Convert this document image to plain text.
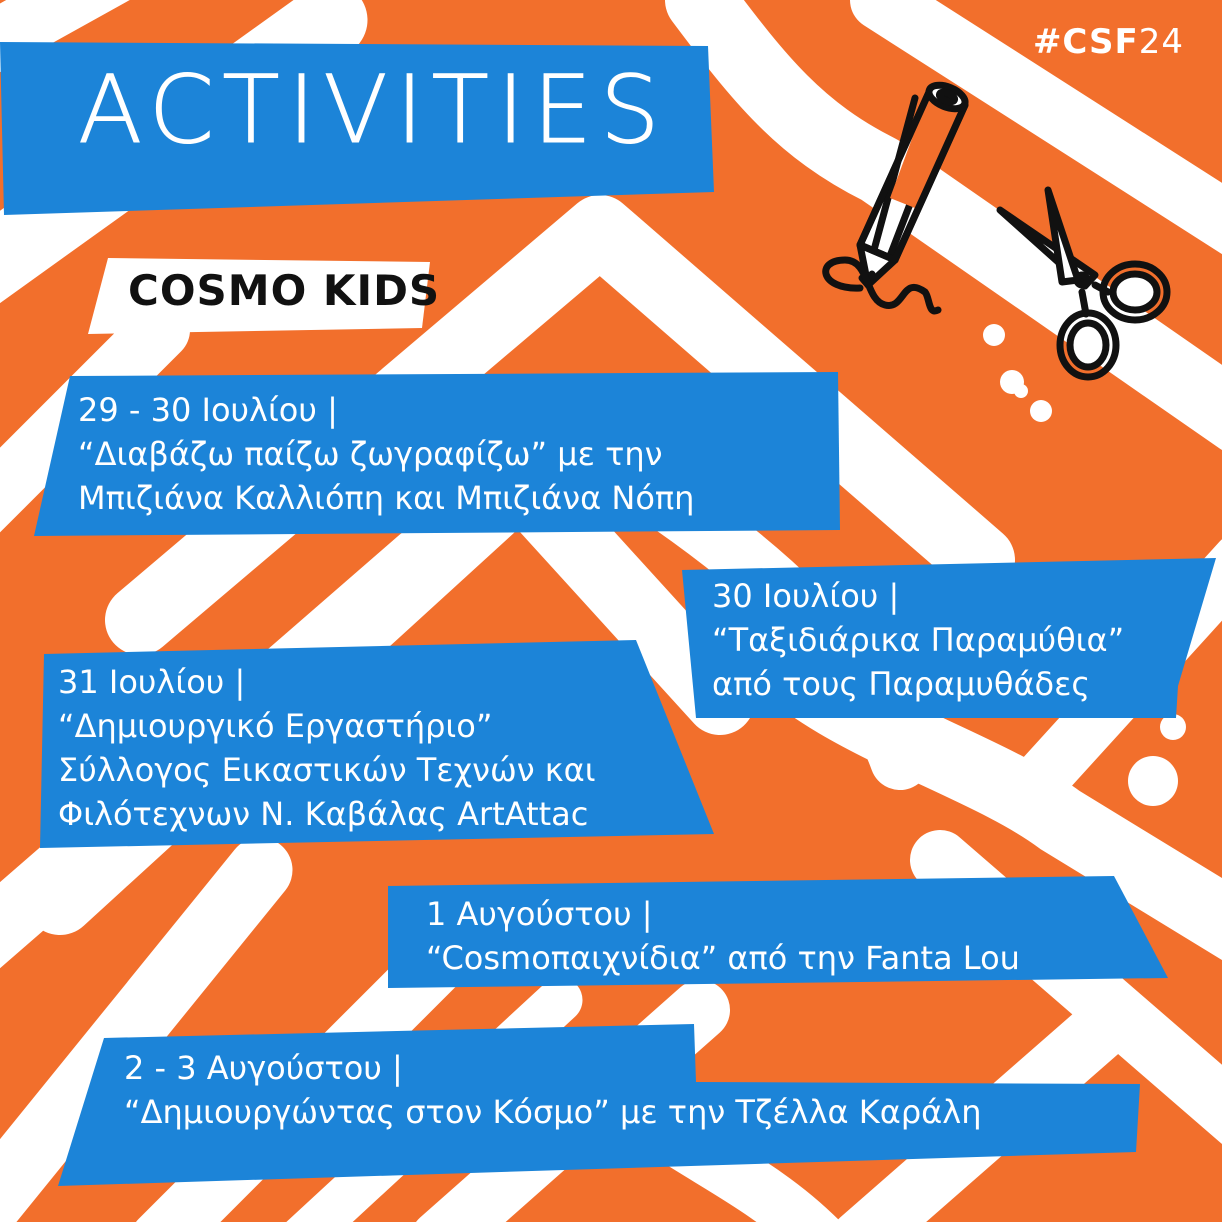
#CSF24
ACTIVITIES
COSMO KIDS
29 - 30 Ιουλίου |
“Διαβάζω παίζω ζωγραφίζω” με την
Μπιζιάνα Καλλιόπη και Μπιζιάνα Νόπη
30 Ιουλίου |
“Ταξιδιάρικα Παραμύθια”
από τους Παραμυθάδες
31 Ιουλίου |
“Δημιουργικό Εργαστήριο”
Σύλλογος Εικαστικών Τεχνών και
Φιλότεχνων Ν. Καβάλας ArtAttac
1 Αυγούστου |
“Cosmoπαιχνίδια” από την Fanta Lou
2 - 3 Αυγούστου |
“Δημιουργώντας στον Κόσμο” με την Τζέλλα Καράλη
